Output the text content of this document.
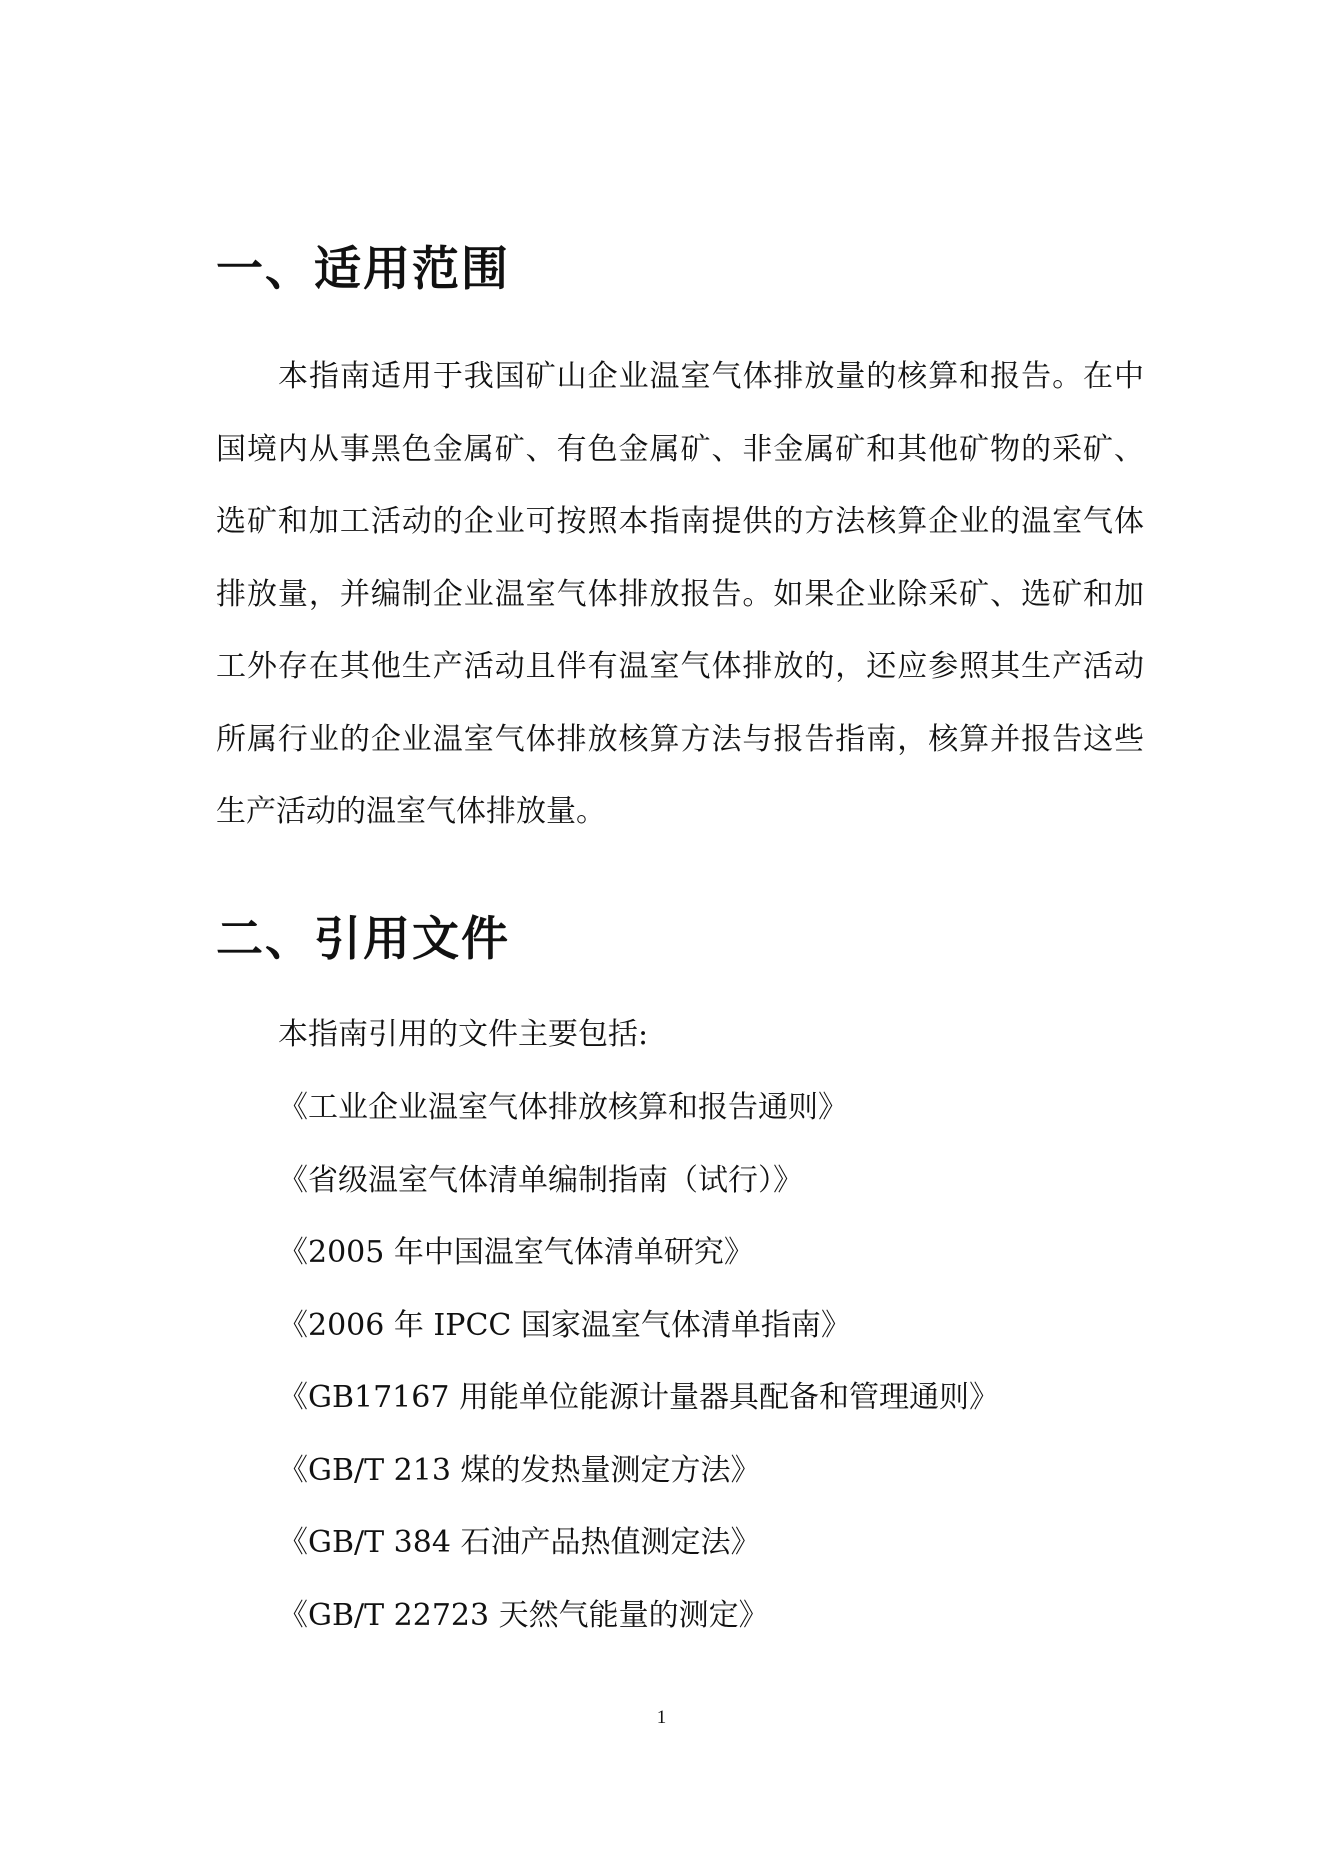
一、适用范围

本指南适用于我国矿山企业温室气体排放量的核算和报告。在中国境内从事黑色金属矿、有色金属矿、非金属矿和其他矿物的采矿、选矿和加工活动的企业可按照本指南提供的方法核算企业的温室气体排放量，并编制企业温室气体排放报告。如果企业除采矿、选矿和加工外存在其他生产活动且伴有温室气体排放的，还应参照其生产活动所属行业的企业温室气体排放核算方法与报告指南，核算并报告这些生产活动的温室气体排放量。

二、引用文件

本指南引用的文件主要包括:

《工业企业温室气体排放核算和报告通则》
《省级温室气体清单编制指南（试行）》
《2005 年中国温室气体清单研究》
《2006 年 IPCC 国家温室气体清单指南》
《GB17167 用能单位能源计量器具配备和管理通则》
《GB/T 213 煤的发热量测定方法》
《GB/T 384 石油产品热值测定法》
《GB/T 22723 天然气能量的测定》

1
